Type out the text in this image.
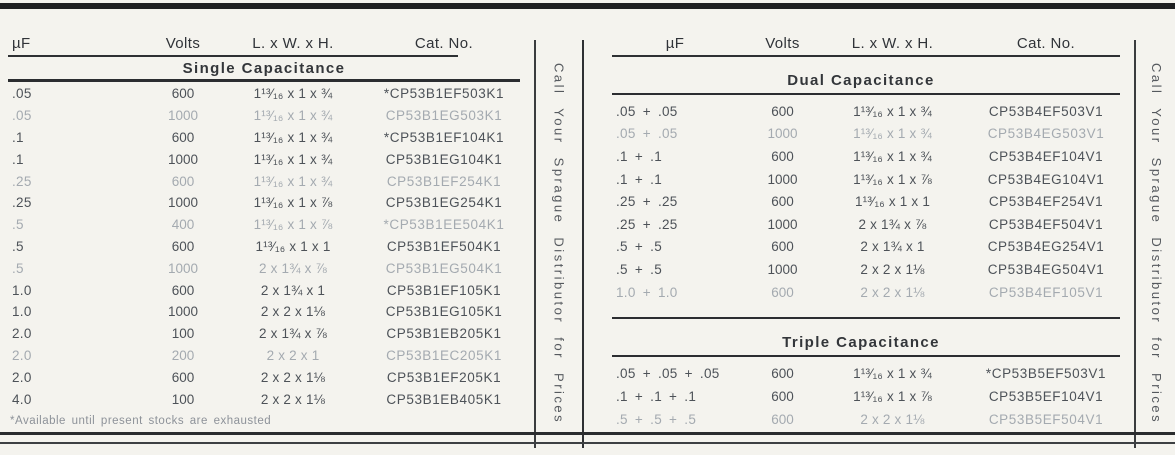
µF	Volts	L. x W. x H.	Cat. No.
Single Capacitance
.05	600	1¹³⁄₁₆ x 1 x ¾	*CP53B1EF503K1
.05	1000	1¹³⁄₁₆ x 1 x ¾	CP53B1EG503K1
.1	600	1¹³⁄₁₆ x 1 x ¾	*CP53B1EF104K1
.1	1000	1¹³⁄₁₆ x 1 x ¾	CP53B1EG104K1
.25	600	1¹³⁄₁₆ x 1 x ¾	CP53B1EF254K1
.25	1000	1¹³⁄₁₆ x 1 x ⅞	CP53B1EG254K1
.5	400	1¹³⁄₁₆ x 1 x ⅞	*CP53B1EE504K1
.5	600	1¹³⁄₁₆ x 1 x 1	CP53B1EF504K1
.5	1000	2 x 1¾ x ⅞	CP53B1EG504K1
1.0	600	2 x 1¾ x 1	CP53B1EF105K1
1.0	1000	2 x 2 x 1⅛	CP53B1EG105K1
2.0	100	2 x 1¾ x ⅞	CP53B1EB205K1
2.0	200	2 x 2 x 1	CP53B1EC205K1
2.0	600	2 x 2 x 1⅛	CP53B1EF205K1
4.0	100	2 x 2 x 1⅛	CP53B1EB405K1
*Available until present stocks are exhausted	Call Your Sprague Distributor for Prices
µF	Volts	L. x W. x H.	Cat. No.
Dual Capacitance
.05 + .05	600	1¹³⁄₁₆ x 1 x ¾	CP53B4EF503V1
.05 + .05	1000	1¹³⁄₁₆ x 1 x ¾	CP53B4EG503V1
.1 + .1	600	1¹³⁄₁₆ x 1 x ¾	CP53B4EF104V1
.1 + .1	1000	1¹³⁄₁₆ x 1 x ⅞	CP53B4EG104V1
.25 + .25	600	1¹³⁄₁₆ x 1 x 1	CP53B4EF254V1
.25 + .25	1000	2 x 1¾ x ⅞	CP53B4EF504V1
.5 + .5	600	2 x 1¾ x 1	CP53B4EG254V1
.5 + .5	1000	2 x 2 x 1⅛	CP53B4EG504V1
1.0 + 1.0	600	2 x 2 x 1⅛	CP53B4EF105V1
Triple Capacitance
.05 + .05 + .05	600	1¹³⁄₁₆ x 1 x ¾	*CP53B5EF503V1
.1 + .1 + .1	600	1¹³⁄₁₆ x 1 x ⅞	CP53B5EF104V1
.5 + .5 + .5	600	2 x 2 x 1⅛	CP53B5EF504V1	Call Your Sprague Distributor for Prices
